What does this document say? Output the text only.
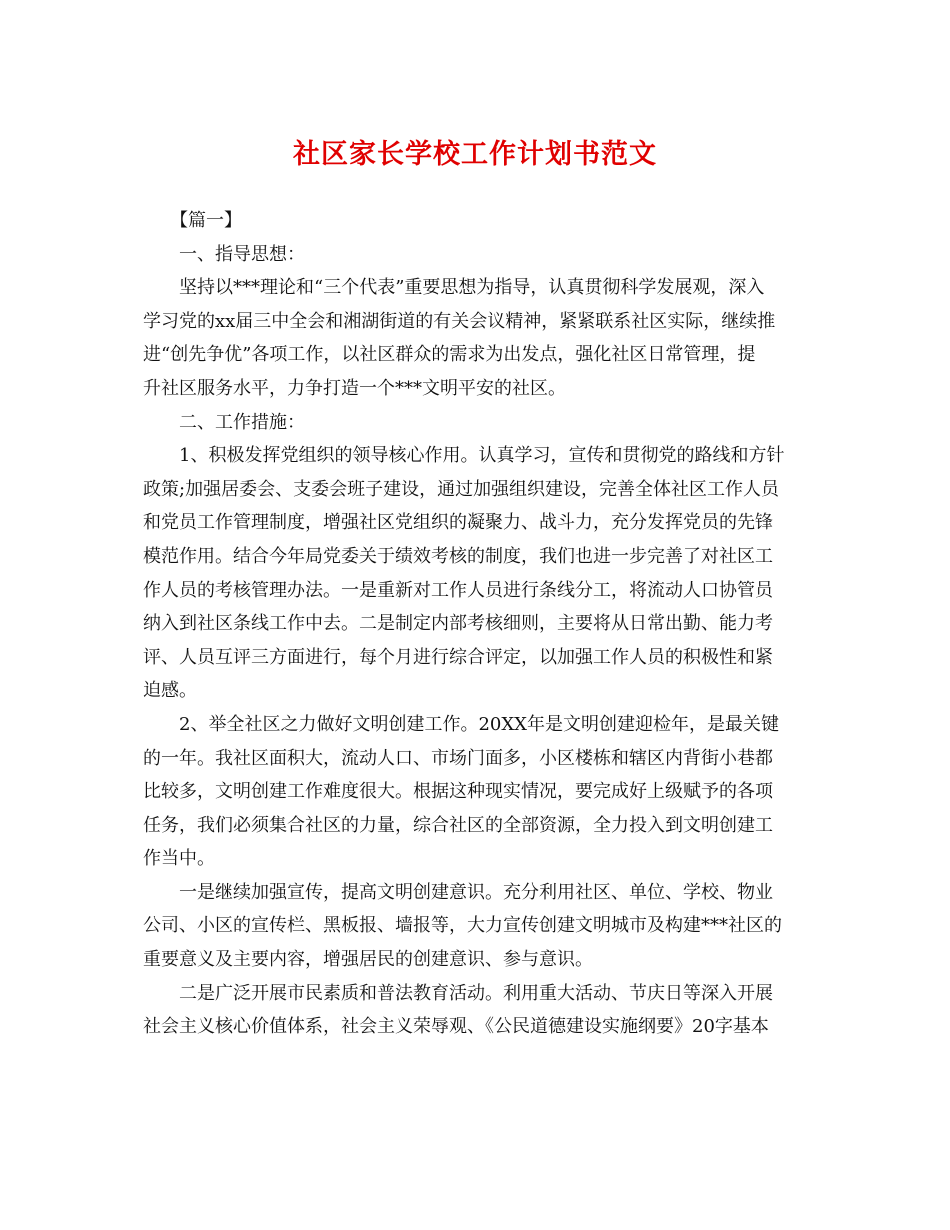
社区家长学校工作计划书范文
【篇一】
一、指导思想：
坚持以***理论和“三个代表”重要思想为指导，认真贯彻科学发展观，深入
学习党的xx届三中全会和湘湖街道的有关会议精神，紧紧联系社区实际，继续推
进“创先争优”各项工作，以社区群众的需求为出发点，强化社区日常管理，提
升社区服务水平，力争打造一个***文明平安的社区。
二、工作措施：
1、积极发挥党组织的领导核心作用。认真学习，宣传和贯彻党的路线和方针
政策;加强居委会、支委会班子建设，通过加强组织建设，完善全体社区工作人员
和党员工作管理制度，增强社区党组织的凝聚力、战斗力，充分发挥党员的先锋
模范作用。结合今年局党委关于绩效考核的制度，我们也进一步完善了对社区工
作人员的考核管理办法。一是重新对工作人员进行条线分工，将流动人口协管员
纳入到社区条线工作中去。二是制定内部考核细则，主要将从日常出勤、能力考
评、人员互评三方面进行，每个月进行综合评定，以加强工作人员的积极性和紧
迫感。
2、举全社区之力做好文明创建工作。20XX年是文明创建迎检年，是最关键
的一年。我社区面积大，流动人口、市场门面多，小区楼栋和辖区内背街小巷都
比较多，文明创建工作难度很大。根据这种现实情况，要完成好上级赋予的各项
任务，我们必须集合社区的力量，综合社区的全部资源，全力投入到文明创建工
作当中。
一是继续加强宣传，提高文明创建意识。充分利用社区、单位、学校、物业
公司、小区的宣传栏、黑板报、墙报等，大力宣传创建文明城市及构建***社区的
重要意义及主要内容，增强居民的创建意识、参与意识。
二是广泛开展市民素质和普法教育活动。利用重大活动、节庆日等深入开展
社会主义核心价值体系，社会主义荣辱观、《公民道德建设实施纲要》20字基本
